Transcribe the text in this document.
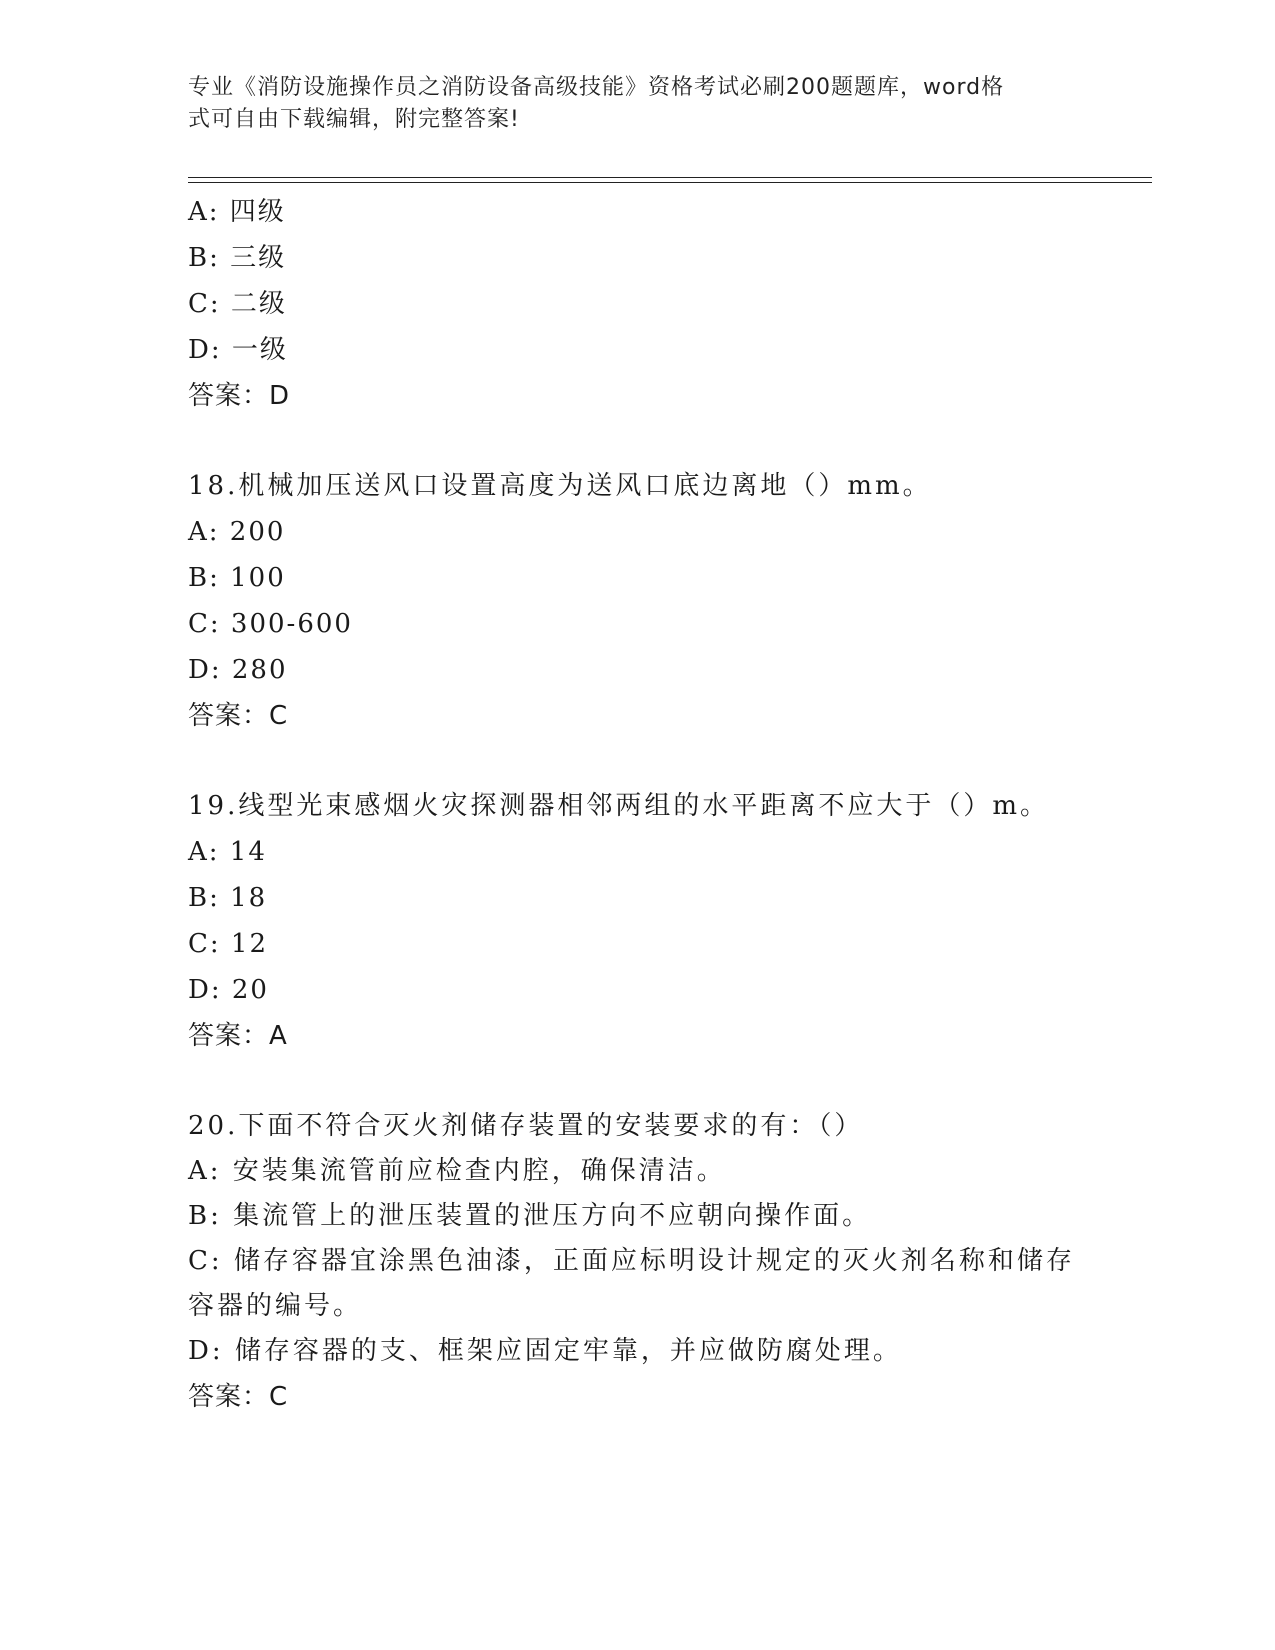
专业《消防设施操作员之消防设备高级技能》资格考试必刷200题题库，word格
式可自由下载编辑，附完整答案!
A: 四级
B: 三级
C: 二级
D: 一级
答案：D
18.机械加压送风口设置高度为送风口底边离地（）mm。
A: 200
B: 100
C: 300-600
D: 280
答案：C
19.线型光束感烟火灾探测器相邻两组的水平距离不应大于（）m。
A: 14
B: 18
C: 12
D: 20
答案：A
20.下面不符合灭火剂储存装置的安装要求的有：（）
A: 安装集流管前应检查内腔，确保清洁。
B: 集流管上的泄压装置的泄压方向不应朝向操作面。
C: 储存容器宜涂黑色油漆，正面应标明设计规定的灭火剂名称和储存容器的编号。
D: 储存容器的支、框架应固定牢靠，并应做防腐处理。
答案：C
